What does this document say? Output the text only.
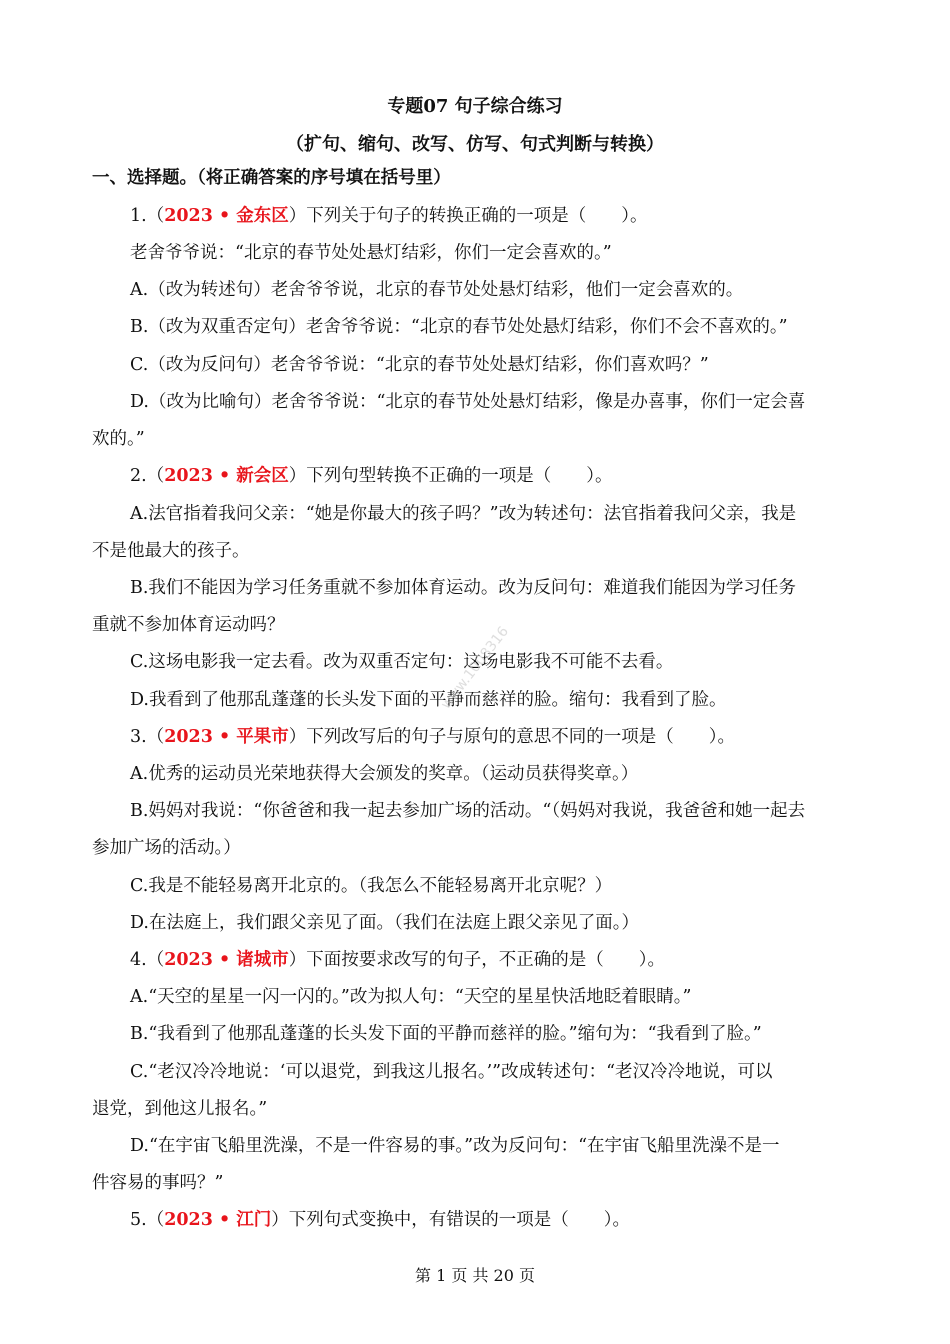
专题07 句子综合练习
（扩句、缩句、改写、仿写、句式判断与转换）
一、选择题。（将正确答案的序号填在括号里）
1.（2023 • 金东区）下列关于句子的转换正确的一项是（　　）。
老舍爷爷说：“北京的春节处处悬灯结彩，你们一定会喜欢的。”
A.（改为转述句）老舍爷爷说，北京的春节处处悬灯结彩，他们一定会喜欢的。
B.（改为双重否定句）老舍爷爷说：“北京的春节处处悬灯结彩，你们不会不喜欢的。”
C.（改为反问句）老舍爷爷说：“北京的春节处处悬灯结彩，你们喜欢吗？”
D.（改为比喻句）老舍爷爷说：“北京的春节处处悬灯结彩，像是办喜事，你们一定会喜
欢的。”
2.（2023 • 新会区）下列句型转换不正确的一项是（　　）。
A.法官指着我问父亲：“她是你最大的孩子吗？”改为转述句：法官指着我问父亲，我是
不是他最大的孩子。
B.我们不能因为学习任务重就不参加体育运动。改为反问句：难道我们能因为学习任务
重就不参加体育运动吗？
C.这场电影我一定去看。改为双重否定句：这场电影我不可能不去看。
D.我看到了他那乱蓬蓬的长头发下面的平静而慈祥的脸。缩句：我看到了脸。
3.（2023 • 平果市）下列改写后的句子与原句的意思不同的一项是（　　）。
A.优秀的运动员光荣地获得大会颁发的奖章。（运动员获得奖章。）
B.妈妈对我说：“你爸爸和我一起去参加广场的活动。“（妈妈对我说，我爸爸和她一起去
参加广场的活动。）
C.我是不能轻易离开北京的。（我怎么不能轻易离开北京呢？）
D.在法庭上，我们跟父亲见了面。（我们在法庭上跟父亲见了面。）
4.（2023 • 诸城市）下面按要求改写的句子，不正确的是（　　）。
A.“天空的星星一闪一闪的。”改为拟人句：“天空的星星快活地眨着眼睛。”
B.“我看到了他那乱蓬蓬的长头发下面的平静而慈祥的脸。”缩句为：“我看到了脸。”
C.“老汉冷冷地说：‘可以退党，到我这儿报名。’”改成转述句：“老汉冷冷地说，可以
退党，到他这儿报名。”
D.“在宇宙飞船里洗澡，不是一件容易的事。”改为反问句：“在宇宙飞船里洗澡不是一
件容易的事吗？”
5.（2023 • 江门）下列句式变换中，有错误的一项是（　　）。
www.1008316
第 1 页 共 20 页
